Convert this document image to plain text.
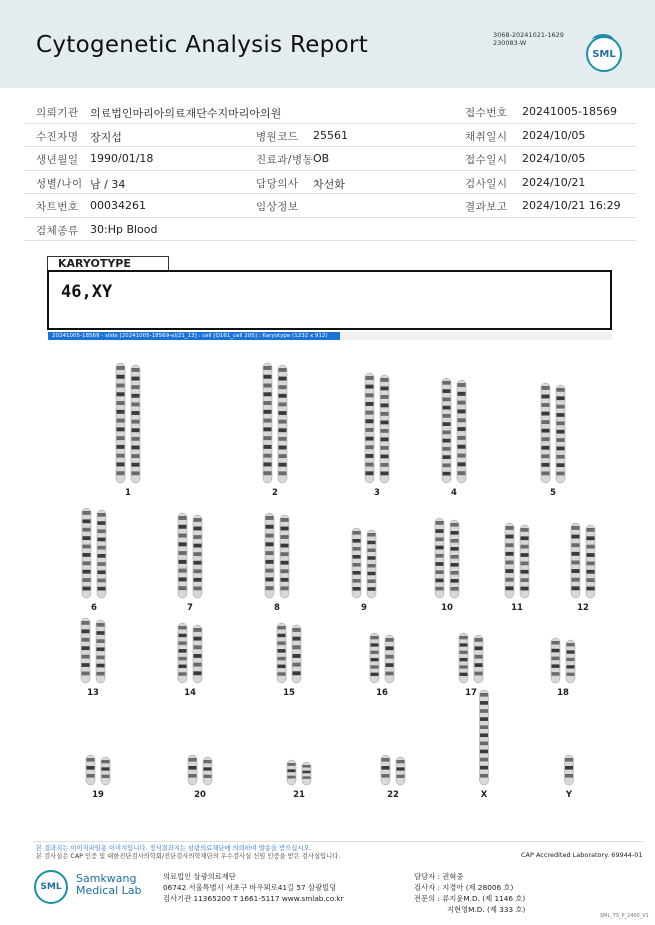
Cytogenetic Analysis Report	3068-20241021-1629
230083-W
SML
의뢰기관 의료법인마리아의료재단수지마리아의원	접수번호 20241005-18569
수진자명 장지섭	병원코드 25561	채취일시 2024/10/05
생년월일 1990/01/18	진료과/병동 OB	접수일시 2024/10/05
성별/나이 남 / 34	담당의사 차선화	검사일시 2024/10/21
차트번호 00034261	임상정보	결과보고 2024/10/21 16:29
검체종류 30:Hp Blood
KARYOTYPE
46,XY
20241005-18569 - slide [20241005-18569-el/21_13] : cell [Q161_cell 205] : Karyotype (1232 x 912)
1	2	3	4	5
6	7	8	9	10	11	12
13	14	15	16	17	18
19	20	21	22	X	Y
본 결과지는 이미지파일용 이미지입니다. 정식결과지는 삼광의료재단에 의뢰하여 발송을 받으십시오.
본 검사실은 CAP 인증 및 대한진단검사의학회/진단검사의학재단의 우수검사실 신임 인증을 받은 검사실입니다.	CAP Accredited Laboratory. 69944-01
SML
Samkwang
Medical Lab
의료법인 삼광의료재단
06742 서울특별시 서초구 바우뫼로41길 57 삼광빌딩
검사기관 11365200 T 1661-5117 www.smlab.co.kr
담당자 : 권혁중
검사자 : 지경아 (제 28006 호)
전문의 : 류지윤M.D. (제 1146 호)
지현영M.D. (제 333 호)
SML_TS_P_2400_V1
